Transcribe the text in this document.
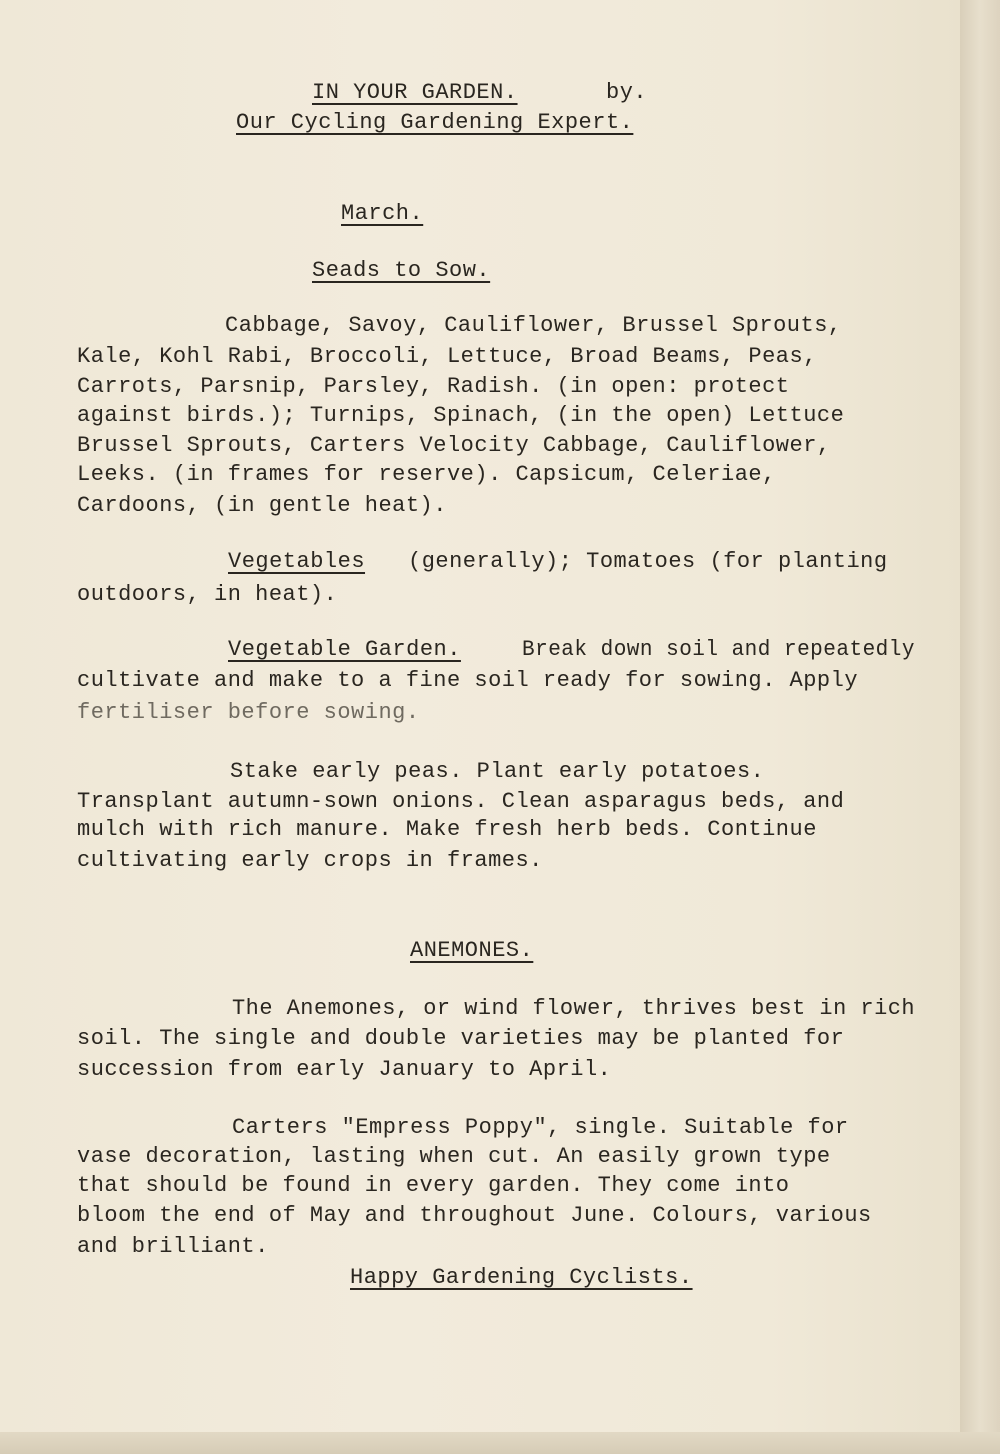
IN YOUR GARDEN.	by.

Our Cycling Gardening Expert.

March.

Seads to Sow.

Cabbage, Savoy, Cauliflower, Brussel Sprouts,

Kale, Kohl Rabi, Broccoli, Lettuce, Broad Beams, Peas,

Carrots, Parsnip, Parsley, Radish. (in open: protect

against birds.); Turnips, Spinach, (in the open) Lettuce

Brussel Sprouts, Carters Velocity Cabbage, Cauliflower,

Leeks. (in frames for reserve). Capsicum, Celeriae,

Cardoons, (in gentle heat).

Vegetables (generally); Tomatoes (for planting

outdoors, in heat).

Vegetable Garden.	Break down soil and repeatedly

cultivate and make to a fine soil ready for sowing. Apply

fertiliser before sowing.

Stake early peas. Plant early potatoes.

Transplant autumn-sown onions. Clean asparagus beds, and

mulch with rich manure. Make fresh herb beds. Continue

cultivating early crops in frames.

ANEMONES.

The Anemones, or wind flower, thrives best in rich

soil. The single and double varieties may be planted for

succession from early January to April.

Carters "Empress Poppy", single. Suitable for

vase decoration, lasting when cut. An easily grown type

that should be found in every garden. They come into

bloom the end of May and throughout June. Colours, various

and brilliant.

Happy Gardening Cyclists.
